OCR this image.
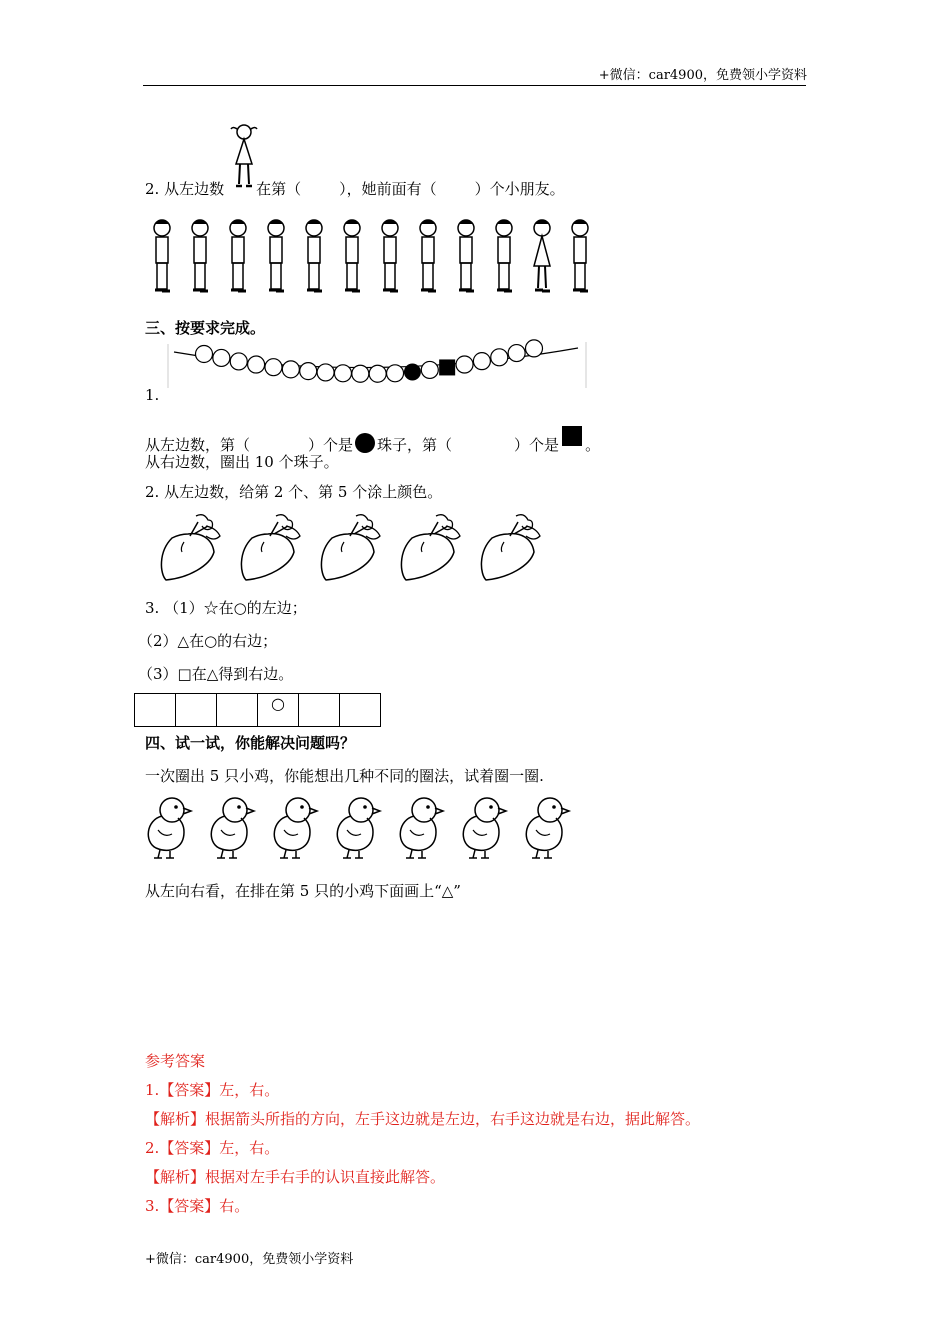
+微信：car4900，免费领小学资料
2. 从左边数 在第（	），她前面有（	）个小朋友。
三、按要求完成。
1.
从左边数，第（	）个是 珠子，第（	）个是 。
从右边数，圈出 10 个珠子。
2. 从左边数，给第 2 个、第 5 个涂上颜色。
3. （1）☆在○的左边；
（2）△在○的右边；
（3）□在△得到右边。
			○		
四、试一试，你能解决问题吗？
一次圈出 5 只小鸡，你能想出几种不同的圈法，试着圈一圈.
从左向右看，在排在第 5 只的小鸡下面画上“△”
参考答案
1.【答案】左，右。
【解析】根据箭头所指的方向，左手这边就是左边，右手这边就是右边，据此解答。
2.【答案】左，右。
【解析】根据对左手右手的认识直接此解答。
3.【答案】右。
+微信：car4900，免费领小学资料
